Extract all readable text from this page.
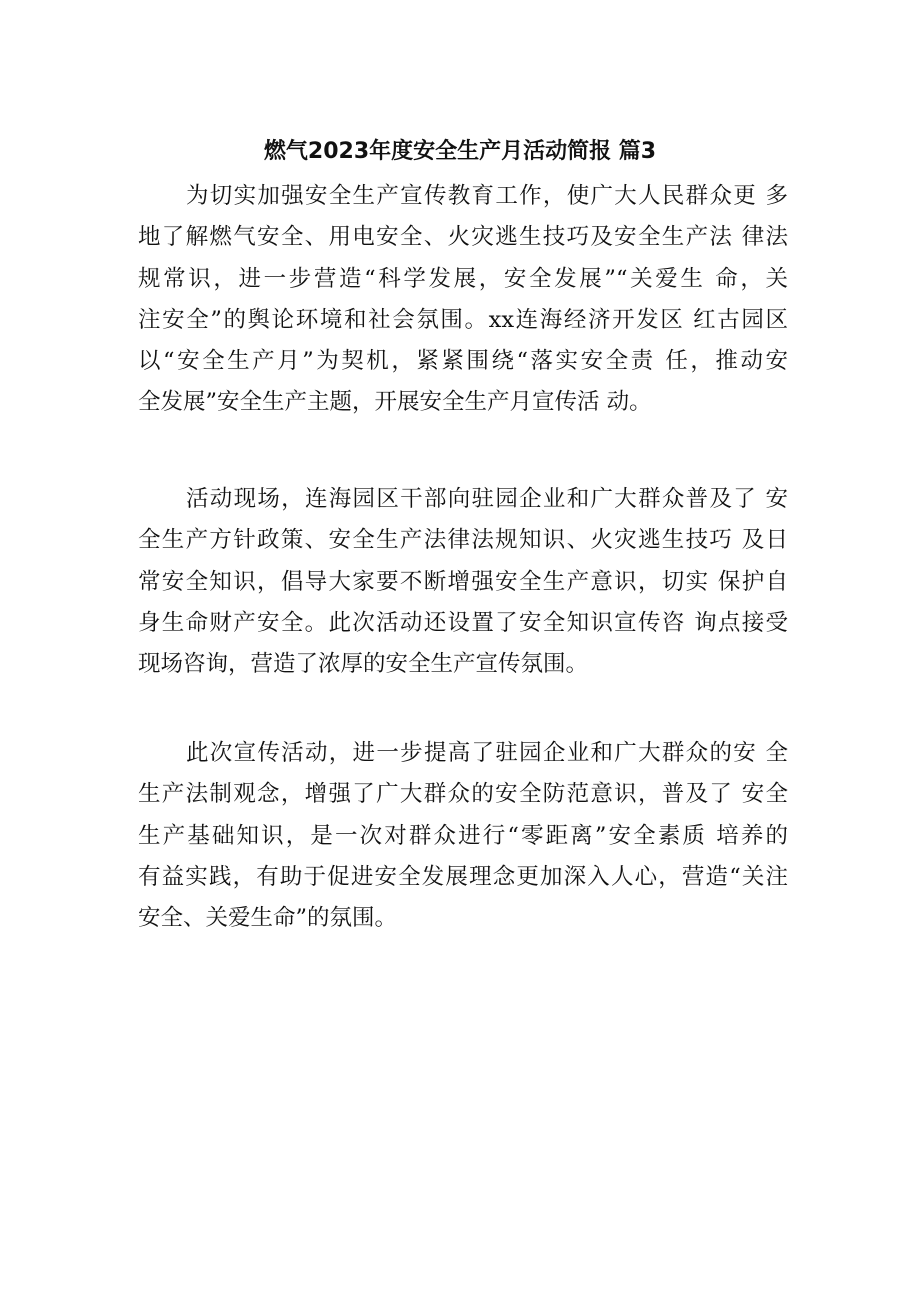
燃气2023年度安全生产月活动简报 篇3
为切实加强安全生产宣传教育工作，使广大人民群众更 多
地了解燃气安全、用电安全、火灾逃生技巧及安全生产法 律法
规常识，进一步营造“科学发展，安全发展”“关爱生 命，关
注安全”的舆论环境和社会氛围。xx连海经济开发区 红古园区
以“安全生产月”为契机，紧紧围绕“落实安全责 任，推动安
全发展”安全生产主题，开展安全生产月宣传活 动。
活动现场，连海园区干部向驻园企业和广大群众普及了 安
全生产方针政策、安全生产法律法规知识、火灾逃生技巧 及日
常安全知识，倡导大家要不断增强安全生产意识，切实 保护自
身生命财产安全。此次活动还设置了安全知识宣传咨 询点接受
现场咨询，营造了浓厚的安全生产宣传氛围。
此次宣传活动，进一步提高了驻园企业和广大群众的安 全
生产法制观念，增强了广大群众的安全防范意识，普及了 安全
生产基础知识，是一次对群众进行“零距离”安全素质 培养的
有益实践，有助于促进安全发展理念更加深入人心，营造“关注
安全、关爱生命”的氛围。
